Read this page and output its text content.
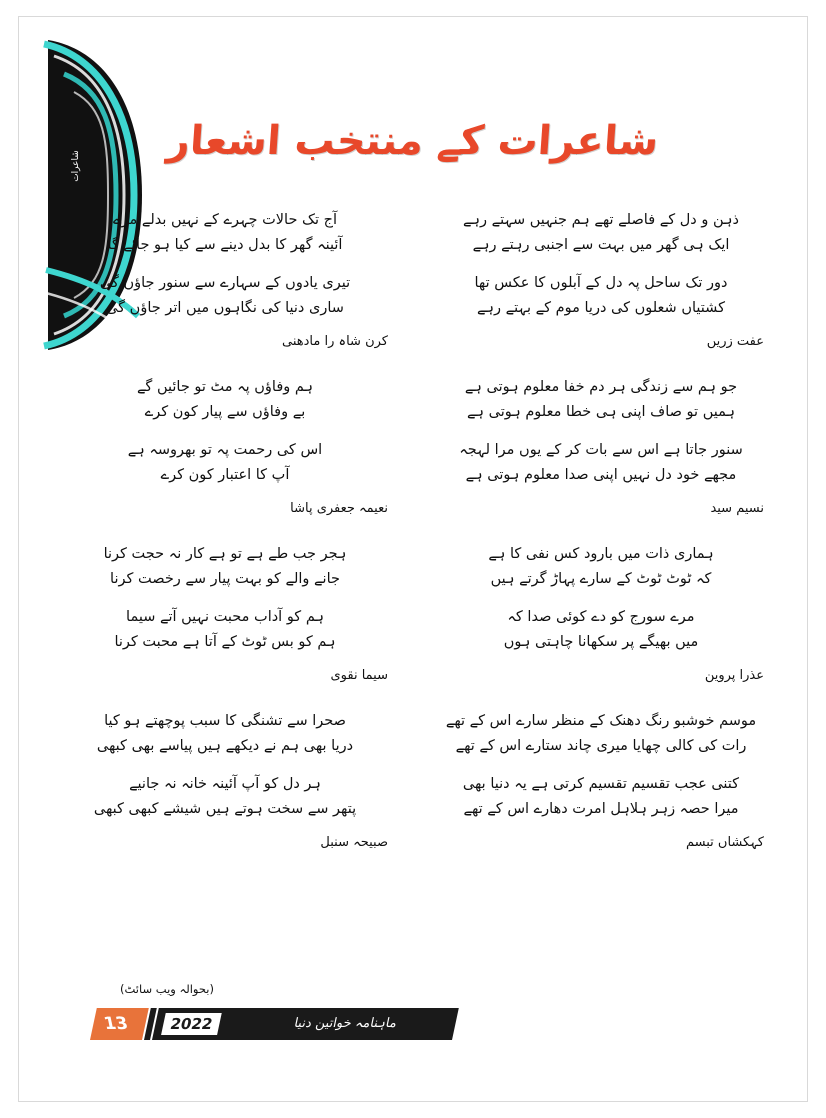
شاعرات
شاعرات کے منتخب اشعار
ذہن و دل کے فاصلے تھے ہم جنہیں سہتے رہے
ایک ہی گھر میں بہت سے اجنبی رہتے رہے
دور تک ساحل پہ دل کے آبلوں کا عکس تھا
کشتیاں شعلوں کی دریا موم کے بہتے رہے
عفت زریں
جو ہم سے زندگی ہر دم خفا معلوم ہوتی ہے
ہمیں تو صاف اپنی ہی خطا معلوم ہوتی ہے
سنور جاتا ہے اس سے بات کر کے یوں مرا لہجہ
مجھے خود دل نہیں اپنی صدا معلوم ہوتی ہے
نسیم سید
ہماری ذات میں بارود کس نفی کا ہے
کہ ٹوٹ ٹوٹ کے سارے پہاڑ گرتے ہیں
مرے سورج کو دے کوئی صدا کہ
میں بھیگے پر سکھانا چاہتی ہوں
عذرا پروین
موسم خوشبو رنگ دھنک کے منظر سارے اس کے تھے
رات کی کالی چھایا میری چاند ستارے اس کے تھے
کتنی عجب تقسیم تقسیم کرتی ہے یہ دنیا بھی
میرا حصہ زہر ہلاہل امرت دھارے اس کے تھے
کہکشاں تبسم
آج تک حالات چہرے کے نہیں بدلے مرے
آئینہ گھر کا بدل دینے سے کیا ہو جائے گا
تیری یادوں کے سہارے سے سنور جاؤں گی
ساری دنیا کی نگاہوں میں اتر جاؤں گی
کرن شاہ را مادھنی
ہم وفاؤں پہ مٹ تو جائیں گے
بے وفاؤں سے پیار کون کرے
اس کی رحمت پہ تو بھروسہ ہے
آپ کا اعتبار کون کرے
نعیمہ جعفری پاشا
ہجر جب طے ہے تو ہے کار نہ حجت کرنا
جانے والے کو بہت پیار سے رخصت کرنا
ہم کو آداب محبت نہیں آتے سیما
ہم کو بس ٹوٹ کے آتا ہے محبت کرنا
سیما نقوی
صحرا سے تشنگی کا سبب پوچھتے ہو کیا
دریا بھی ہم نے دیکھے ہیں پیاسے بھی کبھی
ہر دل کو آپ آئینہ خانہ نہ جانیے
پتھر سے سخت ہوتے ہیں شیشے کبھی کبھی
صبیحہ سنبل
(بحوالہ ویب سائٹ)
2022	ماہنامہ خواتین دنیا
13
